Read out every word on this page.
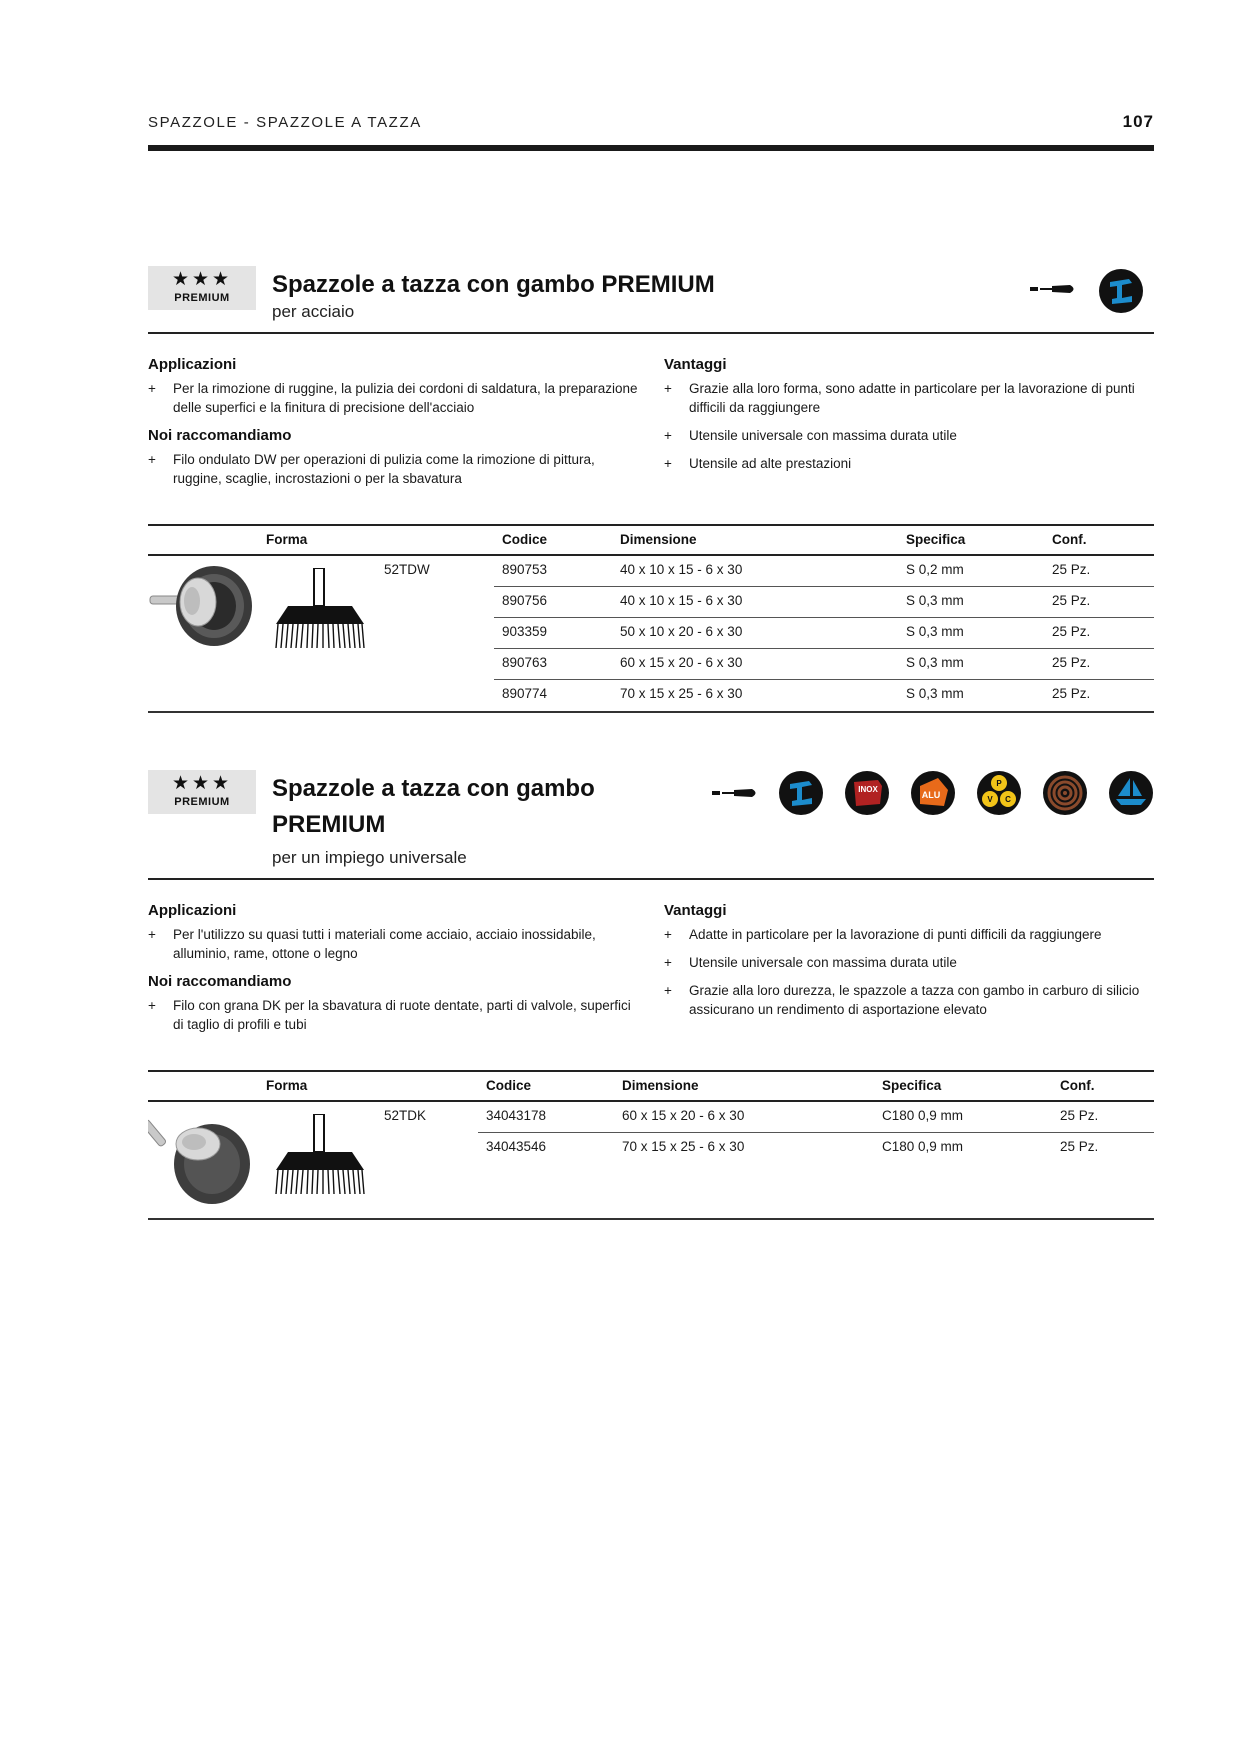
SPAZZOLE - SPAZZOLE A TAZZA	107
★★★
PREMIUM	Spazzole a tazza con gambo PREMIUM
per acciaio
Applicazioni
+ Per la rimozione di ruggine, la pulizia dei cordoni di saldatura, la preparazione delle superfici e la finitura di precisione dell'acciaio
Noi raccomandiamo
+ Filo ondulato DW per operazioni di pulizia come la rimozione di pittura, ruggine, scaglie, incrostazioni o per la sbavatura
Vantaggi
+ Grazie alla loro forma, sono adatte in particolare per la lavorazione di punti difficili da raggiungere
+ Utensile universale con massima durata utile
+ Utensile ad alte prestazioni
Forma	Codice	Dimensione	Specifica	Conf.
52TDW	890753	40 x 10 x 15 - 6 x 30	S 0,2 mm	25 Pz.
890756	40 x 10 x 15 - 6 x 30	S 0,3 mm	25 Pz.
903359	50 x 10 x 20 - 6 x 30	S 0,3 mm	25 Pz.
890763	60 x 15 x 20 - 6 x 30	S 0,3 mm	25 Pz.
890774	70 x 15 x 25 - 6 x 30	S 0,3 mm	25 Pz.
★★★
PREMIUM	Spazzole a tazza con gambo
PREMIUM
per un impiego universale
INOX
ALU
P
V C
Applicazioni
+ Per l'utilizzo su quasi tutti i materiali come acciaio, acciaio inossidabile, alluminio, rame, ottone o legno
Noi raccomandiamo
+ Filo con grana DK per la sbavatura di ruote dentate, parti di valvole, superfici di taglio di profili e tubi
Vantaggi
+ Adatte in particolare per la lavorazione di punti difficili da raggiungere
+ Utensile universale con massima durata utile
+ Grazie alla loro durezza, le spazzole a tazza con gambo in carburo di silicio assicurano un rendimento di asportazione elevato
Forma	Codice	Dimensione	Specifica	Conf.
52TDK	34043178	60 x 15 x 20 - 6 x 30	C180 0,9 mm	25 Pz.
34043546	70 x 15 x 25 - 6 x 30	C180 0,9 mm	25 Pz.
